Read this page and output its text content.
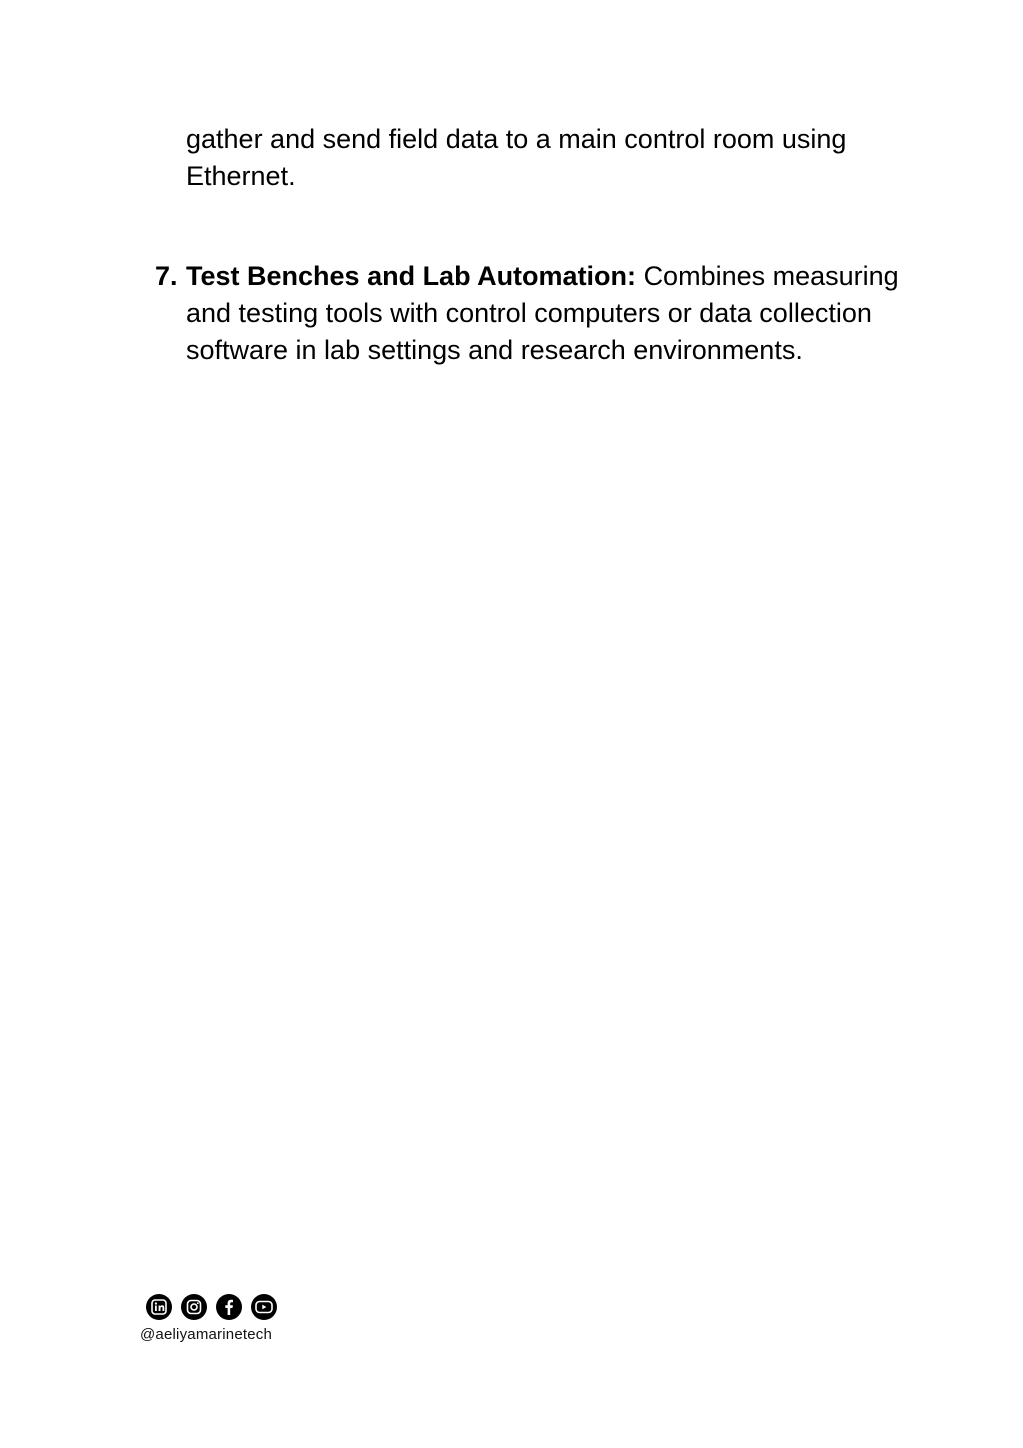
gather and send field data to a main control room using Ethernet.

7. Test Benches and Lab Automation: Combines measuring and testing tools with control computers or data collection software in lab settings and research environments.
@aeliyamarinetech
